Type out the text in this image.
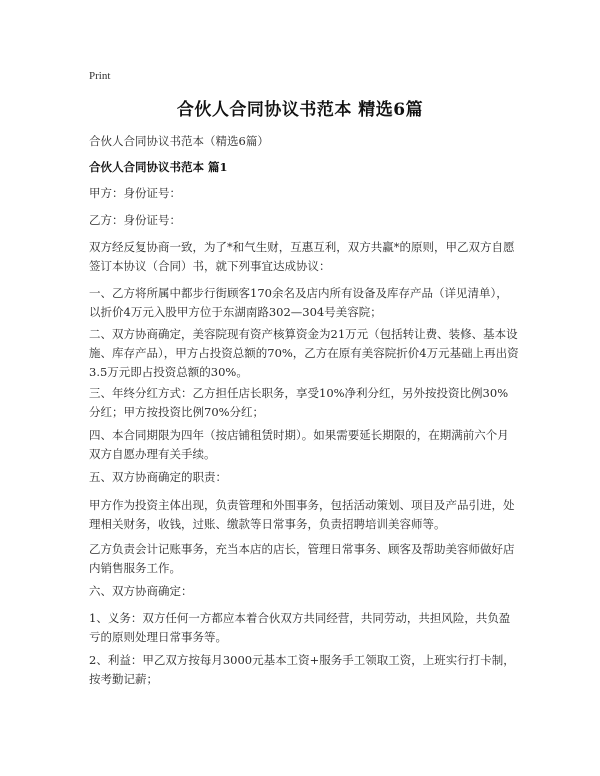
Print
合伙人合同协议书范本 精选6篇

合伙人合同协议书范本（精选6篇）

合伙人合同协议书范本 篇1

甲方：身份证号：

乙方：身份证号：

双方经反复协商一致，为了*和气生财，互惠互利，双方共赢*的原则，甲乙双方自愿签订本协议（合同）书，就下列事宜达成协议：

一、乙方将所属中都步行街顾客170余名及店内所有设备及库存产品（详见清单），以折价4万元入股甲方位于东湖南路302—304号美容院；

二、双方协商确定，美容院现有资产核算资金为21万元（包括转让费、装修、基本设施、库存产品），甲方占投资总额的70%，乙方在原有美容院折价4万元基础上再出资3.5万元即占投资总额的30%。

三、年终分红方式：乙方担任店长职务，享受10%净利分红，另外按投资比例30%分红；甲方按投资比例70%分红；

四、本合同期限为四年（按店铺租赁时期）。如果需要延长期限的，在期满前六个月双方自愿办理有关手续。

五、双方协商确定的职责：

甲方作为投资主体出现，负责管理和外围事务，包括活动策划、项目及产品引进，处理相关财务，收钱，过账、缴款等日常事务，负责招聘培训美容师等。

乙方负责会计记账事务，充当本店的店长，管理日常事务、顾客及帮助美容师做好店内销售服务工作。

六、双方协商确定：

1、义务：双方任何一方都应本着合伙双方共同经营，共同劳动，共担风险，共负盈亏的原则处理日常事务等。

2、利益：甲乙双方按每月3000元基本工资+服务手工领取工资，上班实行打卡制，按考勤记薪；
